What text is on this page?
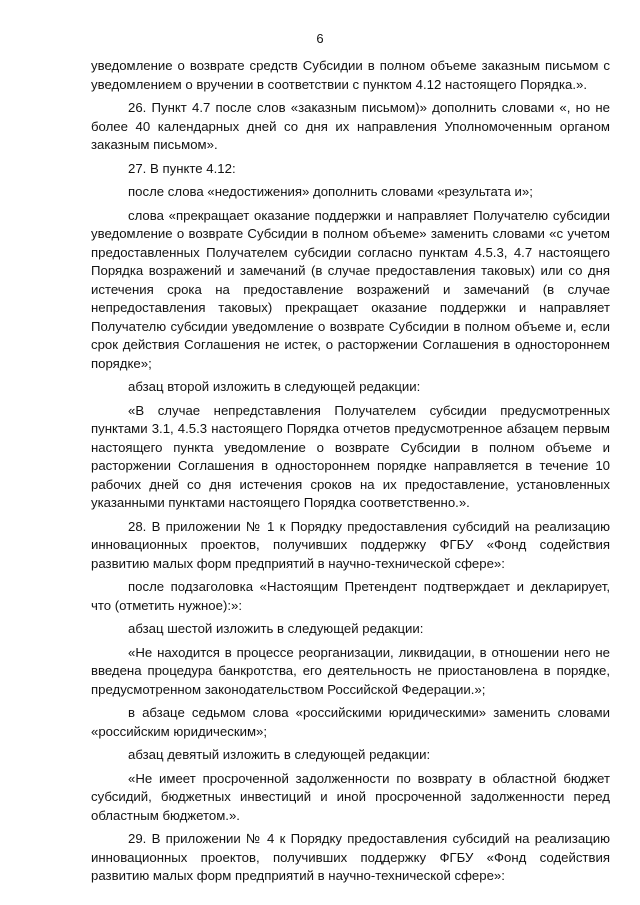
6

уведомление о возврате средств Субсидии в полном объеме заказным письмом с уведомлением о вручении в соответствии с пунктом 4.12 настоящего Порядка.».

26. Пункт 4.7 после слов «заказным письмом)» дополнить словами «, но не более 40 календарных дней со дня их направления Уполномоченным органом заказным письмом».

27. В пункте 4.12:

после слова «недостижения» дополнить словами «результата и»;

слова «прекращает оказание поддержки и направляет Получателю субсидии уведомление о возврате Субсидии в полном объеме» заменить словами «с учетом предоставленных Получателем субсидии согласно пунктам 4.5.3, 4.7 настоящего Порядка возражений и замечаний (в случае предоставления таковых) или со дня истечения срока на предоставление возражений и замечаний (в случае непредоставления таковых) прекращает оказание поддержки и направляет Получателю субсидии уведомление о возврате Субсидии в полном объеме и, если срок действия Соглашения не истек, о расторжении Соглашения в одностороннем порядке»;

абзац второй изложить в следующей редакции:

«В случае непредставления Получателем субсидии предусмотренных пунктами 3.1, 4.5.3 настоящего Порядка отчетов предусмотренное абзацем первым настоящего пункта уведомление о возврате Субсидии в полном объеме и расторжении Соглашения в одностороннем порядке направляется в течение 10 рабочих дней со дня истечения сроков на их предоставление, установленных указанными пунктами настоящего Порядка соответственно.».

28. В приложении № 1 к Порядку предоставления субсидий на реализацию инновационных проектов, получивших поддержку ФГБУ «Фонд содействия развитию малых форм предприятий в научно-технической сфере»:

после подзаголовка «Настоящим Претендент подтверждает и декларирует, что (отметить нужное):»:

абзац шестой изложить в следующей редакции:

«Не находится в процессе реорганизации, ликвидации, в отношении него не введена процедура банкротства, его деятельность не приостановлена в порядке, предусмотренном законодательством Российской Федерации.»;

в абзаце седьмом слова «российскими юридическими» заменить словами «российским юридическим»;

абзац девятый изложить в следующей редакции:

«Не имеет просроченной задолженности по возврату в областной бюджет субсидий, бюджетных инвестиций и иной просроченной задолженности перед областным бюджетом.».

29. В приложении № 4 к Порядку предоставления субсидий на реализацию инновационных проектов, получивших поддержку ФГБУ «Фонд содействия развитию малых форм предприятий в научно-технической сфере»:
